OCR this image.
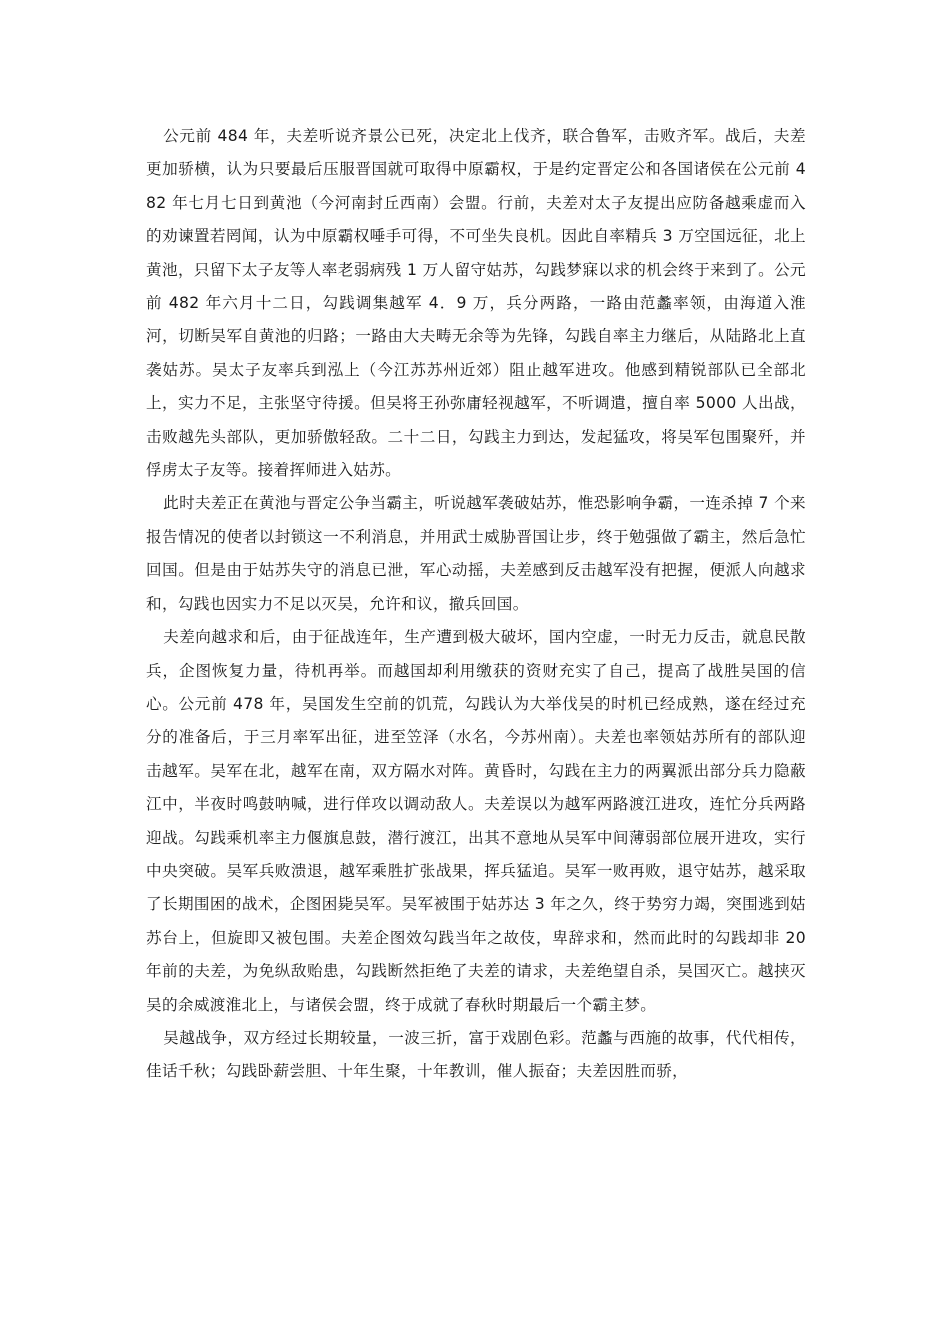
公元前 484 年，夫差听说齐景公已死，决定北上伐齐，联合鲁军，击败齐军。战后，夫差更加骄横，认为只要最后压服晋国就可取得中原霸权，于是约定晋定公和各国诸侯在公元前 482 年七月七日到黄池（今河南封丘西南）会盟。行前，夫差对太子友提出应防备越乘虚而入的劝谏置若罔闻，认为中原霸权唾手可得，不可坐失良机。因此自率精兵 3 万空国远征，北上黄池，只留下太子友等人率老弱病残 1 万人留守姑苏，勾践梦寐以求的机会终于来到了。公元前 482 年六月十二日，勾践调集越军 4．9 万，兵分两路，一路由范蠡率领，由海道入淮河，切断吴军自黄池的归路；一路由大夫畴无余等为先锋，勾践自率主力继后，从陆路北上直袭姑苏。吴太子友率兵到泓上（今江苏苏州近郊）阻止越军进攻。他感到精锐部队已全部北上，实力不足，主张坚守待援。但吴将王孙弥庸轻视越军，不听调遣，擅自率 5000 人出战，击败越先头部队，更加骄傲轻敌。二十二日，勾践主力到达，发起猛攻，将吴军包围聚歼，并俘虏太子友等。接着挥师进入姑苏。

此时夫差正在黄池与晋定公争当霸主，听说越军袭破姑苏，惟恐影响争霸，一连杀掉 7 个来报告情况的使者以封锁这一不利消息，并用武士威胁晋国让步，终于勉强做了霸主，然后急忙回国。但是由于姑苏失守的消息已泄，军心动摇，夫差感到反击越军没有把握，便派人向越求和，勾践也因实力不足以灭吴，允许和议，撤兵回国。

夫差向越求和后，由于征战连年，生产遭到极大破坏，国内空虚，一时无力反击，就息民散兵，企图恢复力量，待机再举。而越国却利用缴获的资财充实了自己，提高了战胜吴国的信心。公元前 478 年，吴国发生空前的饥荒，勾践认为大举伐吴的时机已经成熟，遂在经过充分的准备后，于三月率军出征，进至笠泽（水名，今苏州南）。夫差也率领姑苏所有的部队迎击越军。吴军在北，越军在南，双方隔水对阵。黄昏时，勾践在主力的两翼派出部分兵力隐蔽江中，半夜时鸣鼓呐喊，进行佯攻以调动敌人。夫差误以为越军两路渡江进攻，连忙分兵两路迎战。勾践乘机率主力偃旗息鼓，潜行渡江，出其不意地从吴军中间薄弱部位展开进攻，实行中央突破。吴军兵败溃退，越军乘胜扩张战果，挥兵猛追。吴军一败再败，退守姑苏，越采取了长期围困的战术，企图困毙吴军。吴军被围于姑苏达 3 年之久，终于势穷力竭，突围逃到姑苏台上，但旋即又被包围。夫差企图效勾践当年之故伎，卑辞求和，然而此时的勾践却非 20 年前的夫差，为免纵敌贻患，勾践断然拒绝了夫差的请求，夫差绝望自杀，吴国灭亡。越挟灭吴的余威渡淮北上，与诸侯会盟，终于成就了春秋时期最后一个霸主梦。

吴越战争，双方经过长期较量，一波三折，富于戏剧色彩。范蠡与西施的故事，代代相传，佳话千秋；勾践卧薪尝胆、十年生聚，十年教训，催人振奋；夫差因胜而骄，
